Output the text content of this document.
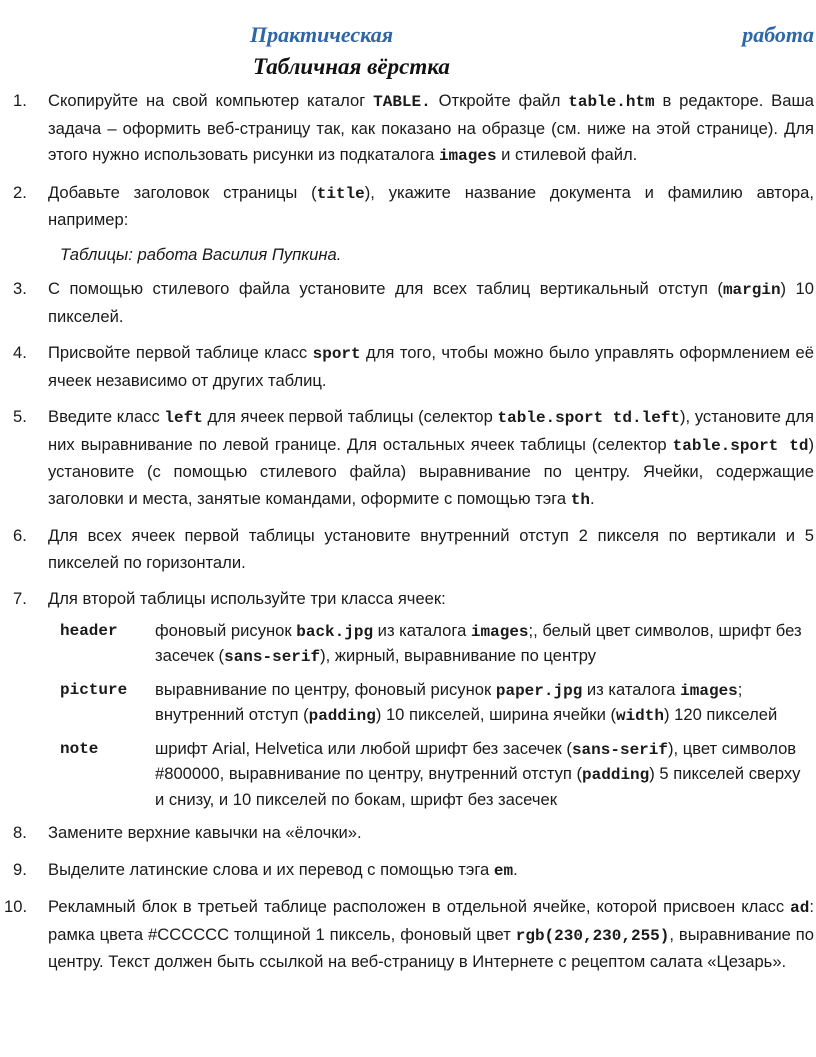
Практическая	работа
Табличная вёрстка
1. Скопируйте на свой компьютер каталог TABLE. Откройте файл table.htm в редакторе. Ваша задача – оформить веб-страницу так, как показано на образце (см. ниже на этой странице). Для этого нужно использовать рисунки из подкаталога images и стилевой файл.
2. Добавьте заголовок страницы (title), укажите название документа и фамилию автора, например:
Таблицы: работа Василия Пупкина.
3. С помощью стилевого файла установите для всех таблиц вертикальный отступ (margin) 10 пикселей.
4. Присвойте первой таблице класс sport для того, чтобы можно было управлять оформлением её ячеек независимо от других таблиц.
5. Введите класс left для ячеек первой таблицы (селектор table.sport td.left), установите для них выравнивание по левой границе. Для остальных ячеек таблицы (селектор table.sport td) установите (с помощью стилевого файла) выравнивание по центру. Ячейки, содержащие заголовки и места, занятые командами, оформите с помощью тэга th.
6. Для всех ячеек первой таблицы установите внутренний отступ 2 пикселя по вертикали и 5 пикселей по горизонтали.
7. Для второй таблицы используйте три класса ячеек:
header	фоновый рисунок back.jpg из каталога images;, белый цвет символов, шрифт без засечек (sans-serif), жирный, выравнивание по центру
picture	выравнивание по центру, фоновый рисунок paper.jpg из каталога images; внутренний отступ (padding) 10 пикселей, ширина ячейки (width) 120 пикселей
note	шрифт Arial, Helvetica или любой шрифт без засечек (sans-serif), цвет символов #800000, выравнивание по центру, внутренний отступ (padding) 5 пикселей сверху и снизу, и 10 пикселей по бокам, шрифт без засечек
8. Замените верхние кавычки на «ёлочки».
9. Выделите латинские слова и их перевод с помощью тэга em.
10. Рекламный блок в третьей таблице расположен в отдельной ячейке, которой присвоен класс ad: рамка цвета #CCCCCC толщиной 1 пиксель, фоновый цвет rgb(230,230,255), выравнивание по центру. Текст должен быть ссылкой на веб-страницу в Интернете с рецептом салата «Цезарь».
